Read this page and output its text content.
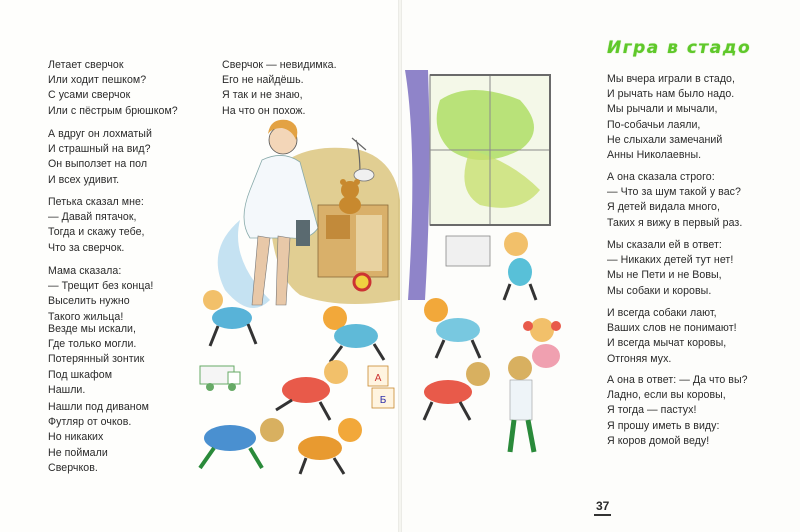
А
Б
Летает сверчок
Или ходит пешком?
С усами сверчок
Или с пёстрым брюшком?
А вдруг он лохматый
И страшный на вид?
Он выползет на пол
И всех удивит.
Петька сказал мне:
— Давай пятачок,
Тогда и скажу тебе,
Что за сверчок.
Мама сказала:
— Трещит без конца!
Выселить нужно
Такого жильца!
Везде мы искали,
Где только могли.
Потерянный зонтик
Под шкафом
Нашли.
Нашли под диваном
Футляр от очков.
Но никаких
Не поймали
Сверчков.
Сверчок — невидимка.
Его не найдёшь.
Я так и не знаю,
На что он похож.
Игра в стадо
Мы вчера играли в стадо,
И рычать нам было надо.
Мы рычали и мычали,
По-собачьи лаяли,
Не слыхали замечаний
Анны Николаевны.
А она сказала строго:
— Что за шум такой у вас?
Я детей видала много,
Таких я вижу в первый раз.
Мы сказали ей в ответ:
— Никаких детей тут нет!
Мы не Пети и не Вовы,
Мы собаки и коровы.
И всегда собаки лают,
Ваших слов не понимают!
И всегда мычат коровы,
Отгоняя мух.
А она в ответ: — Да что вы?
Ладно, если вы коровы,
Я тогда — пастух!
Я прошу иметь в виду:
Я коров домой веду!
37
